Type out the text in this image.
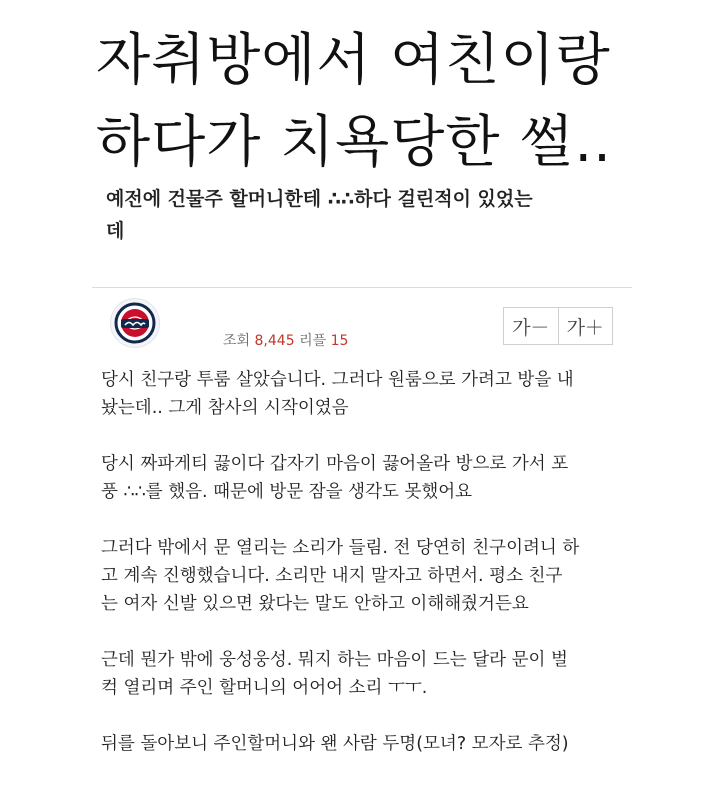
자취방에서 여친이랑
하다가 치욕당한 썰..
예전에 건물주 할머니한테 ∴∴하다 걸린적이 있었는
데
조회 8,445 리플 15
가－ 가＋
당시 친구랑 투룸 살았습니다. 그러다 원룸으로 가려고 방을 내
놨는데.. 그게 참사의 시작이였음
당시 짜파게티 끓이다 갑자기 마음이 끓어올라 방으로 가서 포
풍 ∴∴를 했음. 때문에 방문 잠을 생각도 못했어요
그러다 밖에서 문 열리는 소리가 들림. 전 당연히 친구이려니 하
고 계속 진행했습니다. 소리만 내지 말자고 하면서. 평소 친구
는 여자 신발 있으면 왔다는 말도 안하고 이해해줬거든요
근데 뭔가 밖에 웅성웅성. 뭐지 하는 마음이 드는 달라 문이 벌
컥 열리며 주인 할머니의 어어어 소리 ㅜㅜ.
뒤를 돌아보니 주인할머니와 왠 사람 두명(모녀? 모자로 추정)
